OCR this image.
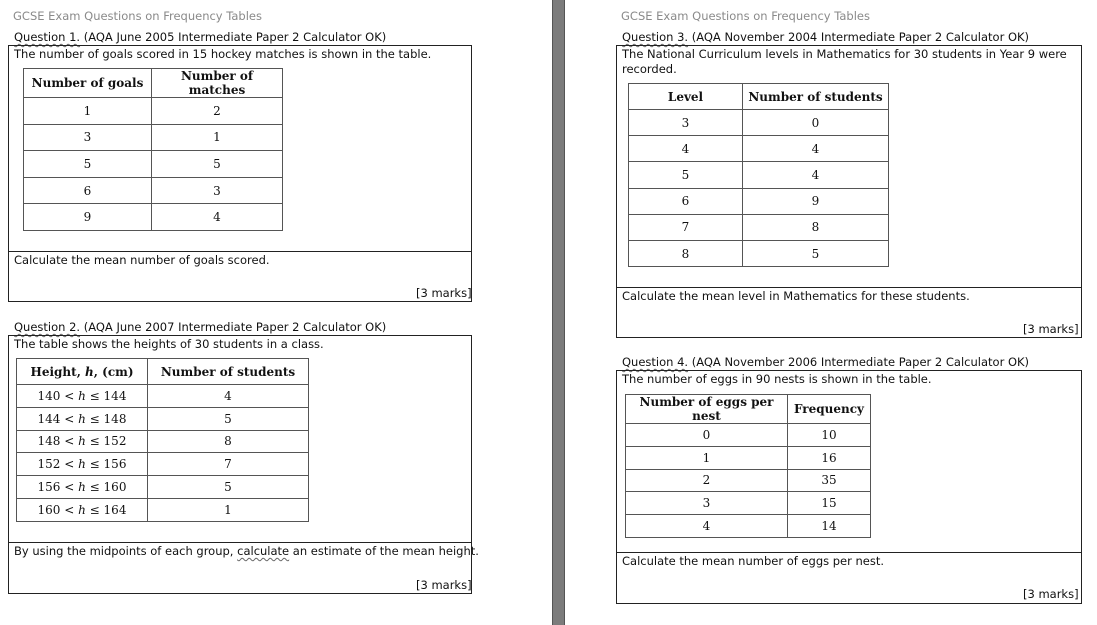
GCSE Exam Questions on Frequency Tables
Question 1. (AQA June 2005 Intermediate Paper 2 Calculator OK)
The number of goals scored in 15 hockey matches is shown in the table.
Number of goals	Number of matches
1	2
3	1
5	5
6	3
9	4
Calculate the mean number of goals scored.
[3 marks]
Question 2. (AQA June 2007 Intermediate Paper 2 Calculator OK)
The table shows the heights of 30 students in a class.
Height, h, (cm)	Number of students
140 < h ≤ 144	4
144 < h ≤ 148	5
148 < h ≤ 152	8
152 < h ≤ 156	7
156 < h ≤ 160	5
160 < h ≤ 164	1
By using the midpoints of each group, calculate an estimate of the mean height.
[3 marks]
GCSE Exam Questions on Frequency Tables
Question 3. (AQA November 2004 Intermediate Paper 2 Calculator OK)
The National Curriculum levels in Mathematics for 30 students in Year 9 were recorded.
Level	Number of students
3	0
4	4
5	4
6	9
7	8
8	5
Calculate the mean level in Mathematics for these students.
[3 marks]
Question 4. (AQA November 2006 Intermediate Paper 2 Calculator OK)
The number of eggs in 90 nests is shown in the table.
Number of eggs per nest	Frequency
0	10
1	16
2	35
3	15
4	14
Calculate the mean number of eggs per nest.
[3 marks]
